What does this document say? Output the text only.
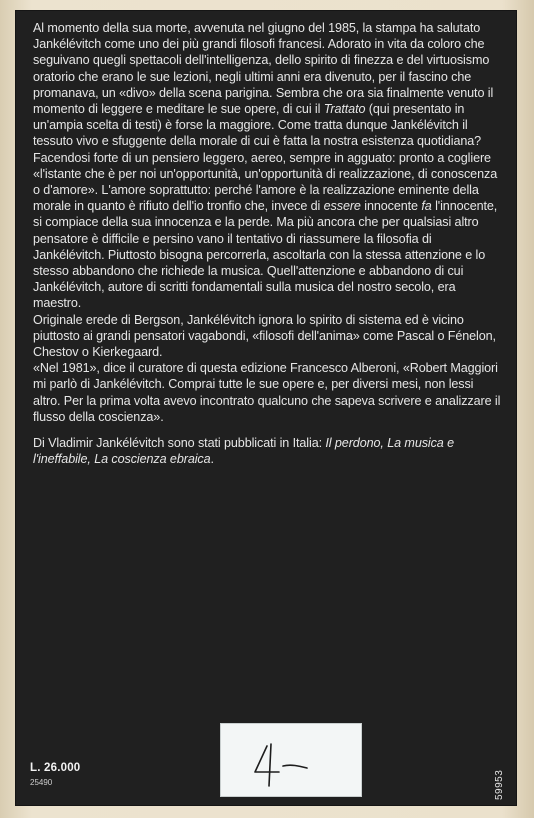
Al momento della sua morte, avvenuta nel giugno del 1985, la stampa ha salutato Jankélévitch come uno dei più grandi filosofi francesi. Adorato in vita da coloro che seguivano quegli spettacoli dell'intelligenza, dello spirito di finezza e del virtuosismo oratorio che erano le sue lezioni, negli ultimi anni era divenuto, per il fascino che promanava, un «divo» della scena parigina. Sembra che ora sia finalmente venuto il momento di leggere e meditare le sue opere, di cui il Trattato (qui presentato in un'ampia scelta di testi) è forse la maggiore. Come tratta dunque Jankélévitch il tessuto vivo e sfuggente della morale di cui è fatta la nostra esistenza quotidiana? Facendosi forte di un pensiero leggero, aereo, sempre in agguato: pronto a cogliere «l'istante che è per noi un'opportunità, un'opportunità di realizzazione, di conoscenza o d'amore». L'amore soprattutto: perché l'amore è la realizzazione eminente della morale in quanto è rifiuto dell'io tronfio che, invece di essere innocente fa l'innocente, si compiace della sua innocenza e la perde. Ma più ancora che per qualsiasi altro pensatore è difficile e persino vano il tentativo di riassumere la filosofia di Jankélévitch. Piuttosto bisogna percorrerla, ascoltarla con la stessa attenzione e lo stesso abbandono che richiede la musica. Quell'attenzione e abbandono di cui Jankélévitch, autore di scritti fondamentali sulla musica del nostro secolo, era maestro.

Originale erede di Bergson, Jankélévitch ignora lo spirito di sistema ed è vicino piuttosto ai grandi pensatori vagabondi, «filosofi dell'anima» come Pascal o Fénelon, Chestov o Kierkegaard.

«Nel 1981», dice il curatore di questa edizione Francesco Alberoni, «Robert Maggiori mi parlò di Jankélévitch. Comprai tutte le sue opere e, per diversi mesi, non lessi altro. Per la prima volta avevo incontrato qualcuno che sapeva scrivere e analizzare il flusso della coscienza».

Di Vladimir Jankélévitch sono stati pubblicati in Italia: Il perdono, La musica e l'ineffabile, La coscienza ebraica.

L. 26.000
25490	59953
